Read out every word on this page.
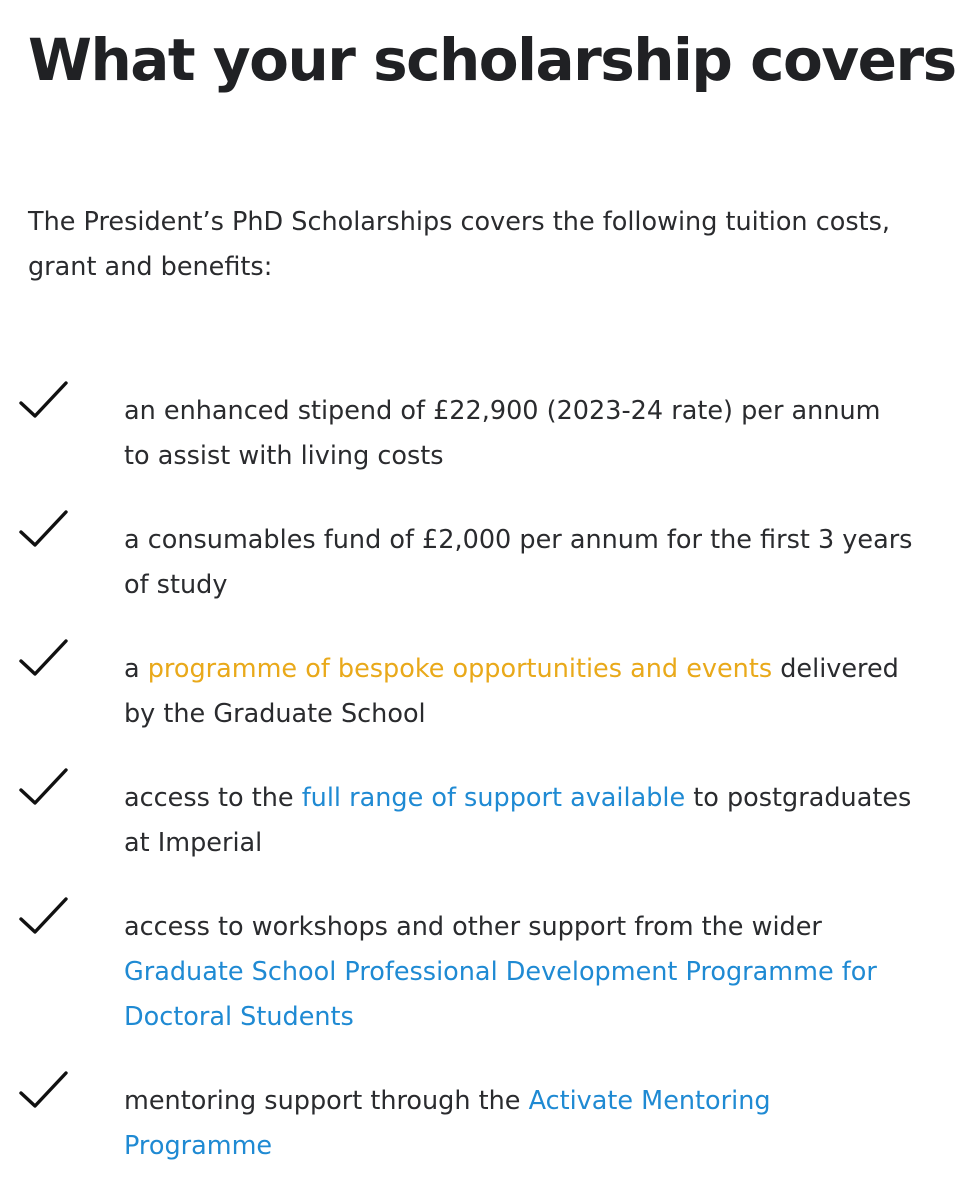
What your scholarship covers

The President’s PhD Scholarships covers the following tuition costs, grant and benefits:

an enhanced stipend of £22,900 (2023-24 rate) per annum to assist with living costs

a consumables fund of £2,000 per annum for the first 3 years of study

a programme of bespoke opportunities and events delivered by the Graduate School

access to the full range of support available to postgraduates at Imperial

access to workshops and other support from the wider Graduate School Professional Development Programme for Doctoral Students

mentoring support through the Activate Mentoring Programme
